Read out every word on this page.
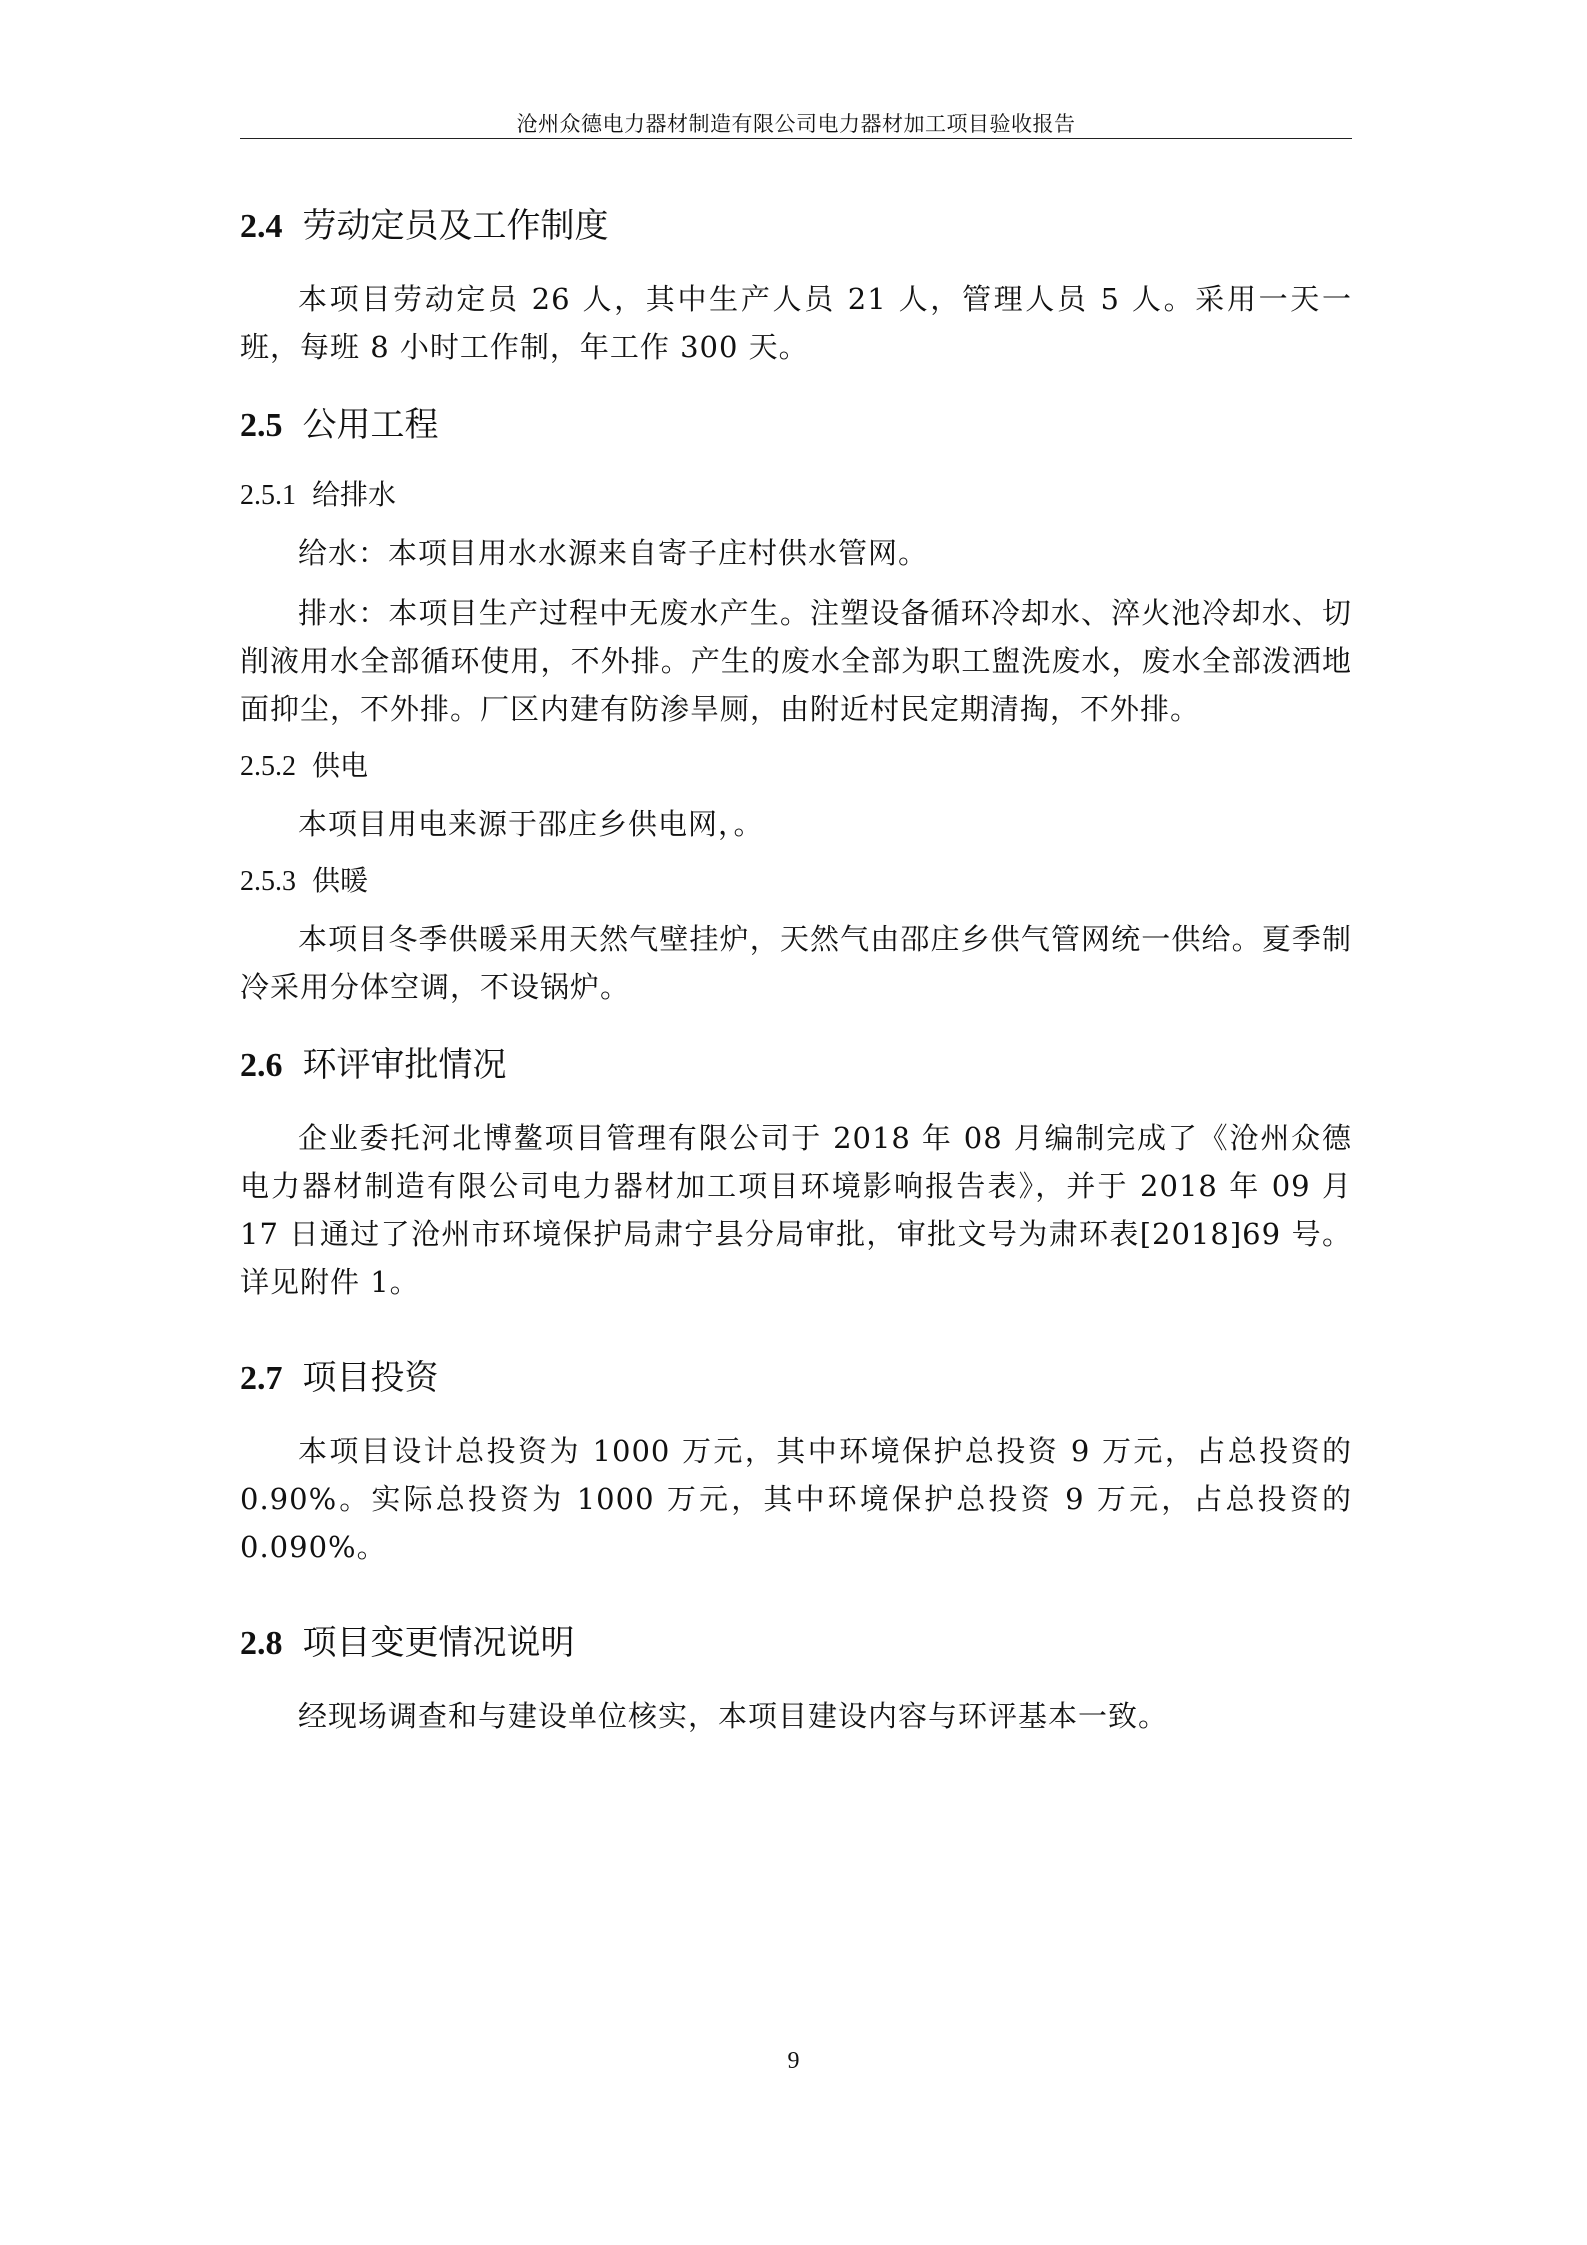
沧州众德电力器材制造有限公司电力器材加工项目验收报告
2.4 劳动定员及工作制度

本项目劳动定员 26 人，其中生产人员 21 人，管理人员 5 人。采用一天一班，每班 8 小时工作制，年工作 300 天。

2.5 公用工程
2.5.1 给排水

给水：本项目用水水源来自寄子庄村供水管网。

排水：本项目生产过程中无废水产生。注塑设备循环冷却水、淬火池冷却水、切削液用水全部循环使用，不外排。产生的废水全部为职工盥洗废水，废水全部泼洒地面抑尘，不外排。厂区内建有防渗旱厕，由附近村民定期清掏，不外排。

2.5.2 供电

本项目用电来源于邵庄乡供电网，。

2.5.3 供暖

本项目冬季供暖采用天然气壁挂炉，天然气由邵庄乡供气管网统一供给。夏季制冷采用分体空调，不设锅炉。

2.6 环评审批情况

企业委托河北博鳌项目管理有限公司于 2018 年 08 月编制完成了《沧州众德电力器材制造有限公司电力器材加工项目环境影响报告表》，并于 2018 年 09 月 17 日通过了沧州市环境保护局肃宁县分局审批，审批文号为肃环表[2018]69 号。详见附件 1。

2.7 项目投资

本项目设计总投资为 1000 万元，其中环境保护总投资 9 万元，占总投资的 0.90%。实际总投资为 1000 万元，其中环境保护总投资 9 万元，占总投资的 0.090%。

2.8 项目变更情况说明

经现场调查和与建设单位核实，本项目建设内容与环评基本一致。

9
